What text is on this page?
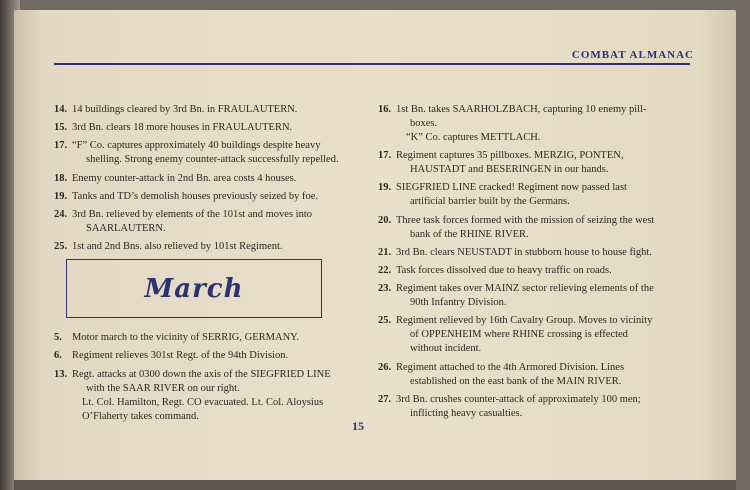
COMBAT ALMANAC
14. 14 buildings cleared by 3rd Bn. in FRAULAUTERN.
15. 3rd Bn. clears 18 more houses in FRAULAUTERN.
17. “F” Co. captures approximately 40 buildings despite heavy shelling. Strong enemy counter-attack successfully repelled.
18. Enemy counter-attack in 2nd Bn. area costs 4 houses.
19. Tanks and TD’s demolish houses previously seized by foe.
24. 3rd Bn. relieved by elements of the 101st and moves into SAARLAUTERN.
25. 1st and 2nd Bns. also relieved by 101st Regiment.
March
5. Motor march to the vicinity of SERRIG, GERMANY.
6. Regiment relieves 301st Regt. of the 94th Division.
13. Regt. attacks at 0300 down the axis of the SIEGFRIED LINE with the SAAR RIVER on our right.
Lt. Col. Hamilton, Regt. CO evacuated. Lt. Col. Aloysius O’Flaherty takes command.
16. 1st Bn. takes SAARHOLZBACH, capturing 10 enemy pill-boxes.
“K” Co. captures METTLACH.
17. Regiment captures 35 pillboxes. MERZIG, PONTEN, HAUSTADT and BESERINGEN in our hands.
19. SIEGFRIED LINE cracked! Regiment now passed last artificial barrier built by the Germans.
20. Three task forces formed with the mission of seizing the west bank of the RHINE RIVER.
21. 3rd Bn. clears NEUSTADT in stubborn house to house fight.
22. Task forces dissolved due to heavy traffic on roads.
23. Regiment takes over MAINZ sector relieving elements of the 90th Infantry Division.
25. Regiment relieved by 16th Cavalry Group. Moves to vicinity of OPPENHEIM where RHINE crossing is effected without incident.
26. Regiment attached to the 4th Armored Division. Lines established on the east bank of the MAIN RIVER.
27. 3rd Bn. crushes counter-attack of approximately 100 men; inflicting heavy casualties.
15
